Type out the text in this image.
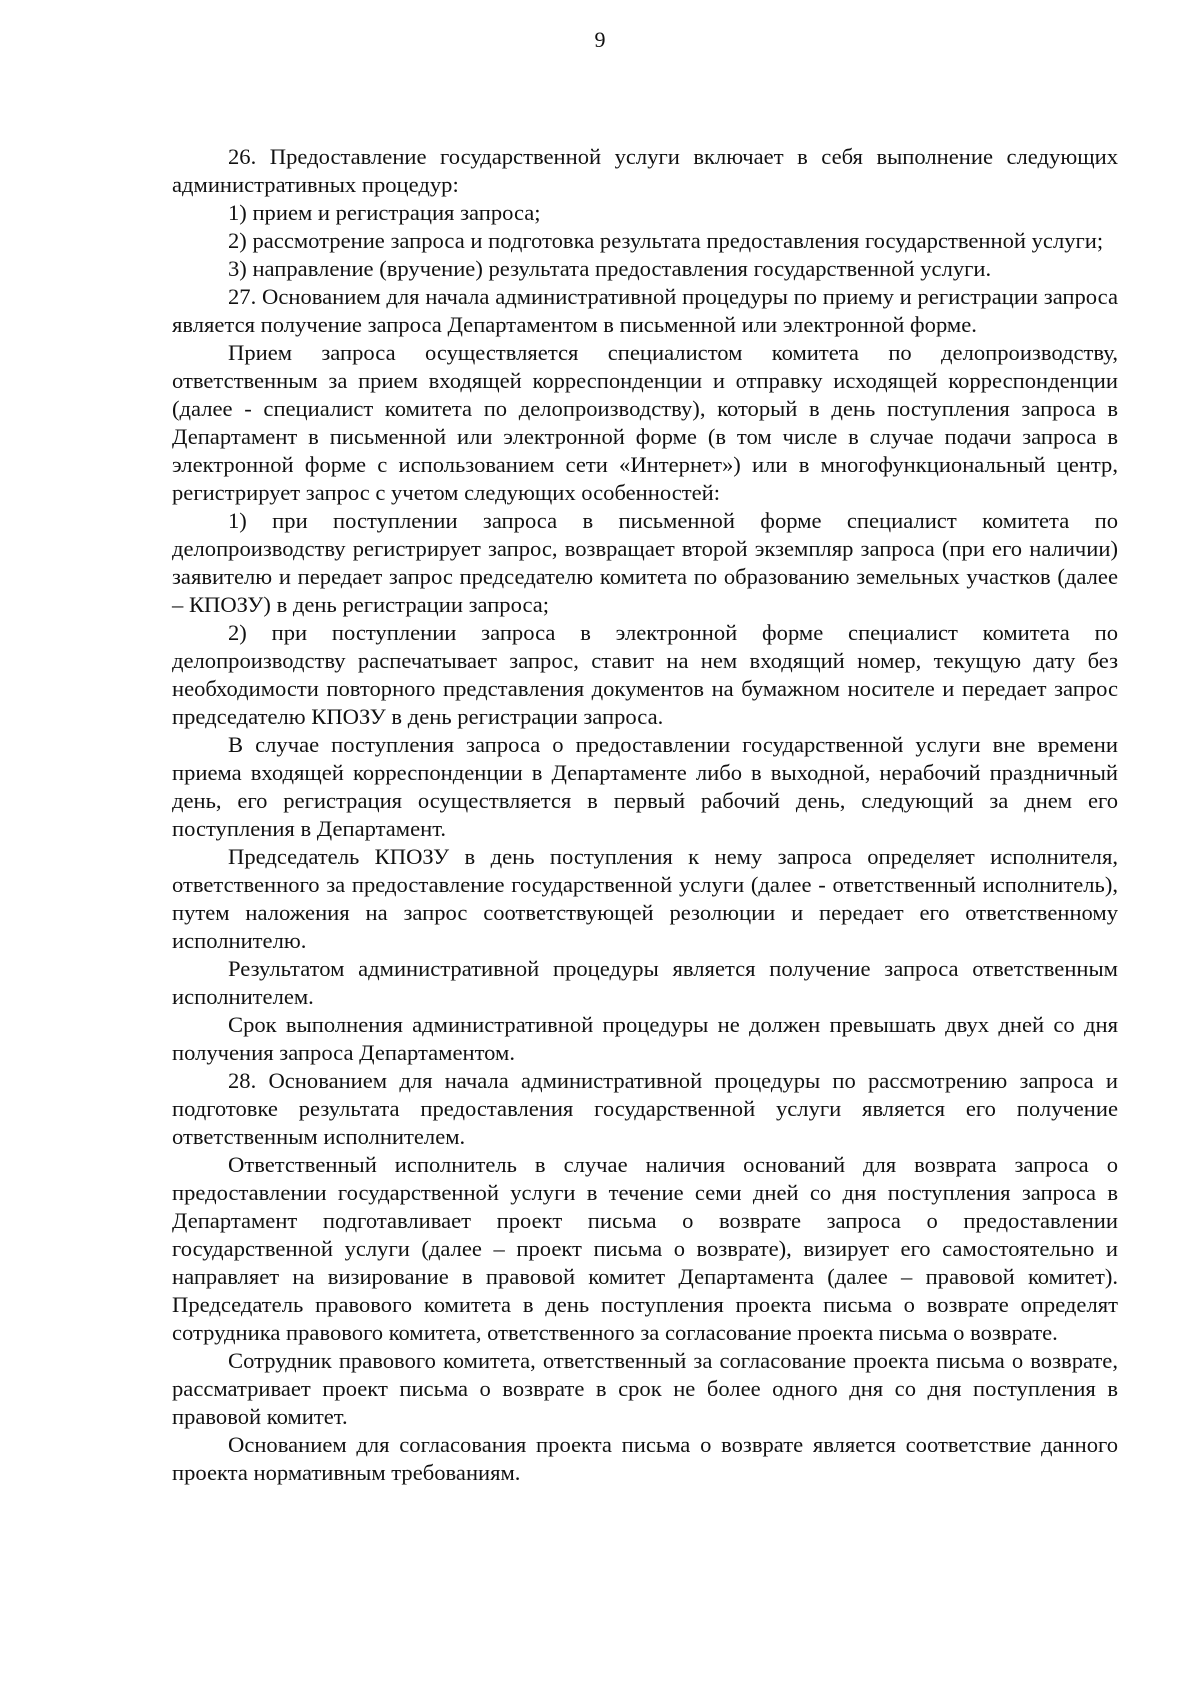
9

26. Предоставление государственной услуги включает в себя выполнение следующих административных процедур:

1) прием и регистрация запроса;

2) рассмотрение запроса и подготовка результата предоставления государственной услуги;

3) направление (вручение) результата предоставления государственной услуги.

27. Основанием для начала административной процедуры по приему и регистрации запроса является получение запроса Департаментом в письменной или электронной форме.

Прием запроса осуществляется специалистом комитета по делопроизводству, ответственным за прием входящей корреспонденции и отправку исходящей корреспонденции (далее - специалист комитета по делопроизводству), который в день поступления запроса в Департамент в письменной или электронной форме (в том числе в случае подачи запроса в электронной форме с использованием сети «Интернет») или в многофункциональный центр, регистрирует запрос с учетом следующих особенностей:

1) при поступлении запроса в письменной форме специалист комитета по делопроизводству регистрирует запрос, возвращает второй экземпляр запроса (при его наличии) заявителю и передает запрос председателю комитета по образованию земельных участков (далее – КПОЗУ) в день регистрации запроса;

2) при поступлении запроса в электронной форме специалист комитета по делопроизводству распечатывает запрос, ставит на нем входящий номер, текущую дату без необходимости повторного представления документов на бумажном носителе и передает запрос председателю КПОЗУ в день регистрации запроса.

В случае поступления запроса о предоставлении государственной услуги вне времени приема входящей корреспонденции в Департаменте либо в выходной, нерабочий праздничный день, его регистрация осуществляется в первый рабочий день, следующий за днем его поступления в Департамент.

Председатель КПОЗУ в день поступления к нему запроса определяет исполнителя, ответственного за предоставление государственной услуги (далее - ответственный исполнитель), путем наложения на запрос соответствующей резолюции и передает его ответственному исполнителю.

Результатом административной процедуры является получение запроса ответственным исполнителем.

Срок выполнения административной процедуры не должен превышать двух дней со дня получения запроса Департаментом.

28. Основанием для начала административной процедуры по рассмотрению запроса и подготовке результата предоставления государственной услуги является его получение ответственным исполнителем.

Ответственный исполнитель в случае наличия оснований для возврата запроса о предоставлении государственной услуги в течение семи дней со дня поступления запроса в Департамент подготавливает проект письма о возврате запроса о предоставлении государственной услуги (далее – проект письма о возврате), визирует его самостоятельно и направляет на визирование в правовой комитет Департамента (далее – правовой комитет). Председатель правового комитета в день поступления проекта письма о возврате определят сотрудника правового комитета, ответственного за согласование проекта письма о возврате.

Сотрудник правового комитета, ответственный за согласование проекта письма о возврате, рассматривает проект письма о возврате в срок не более одного дня со дня поступления в правовой комитет.

Основанием для согласования проекта письма о возврате является соответствие данного проекта нормативным требованиям.
